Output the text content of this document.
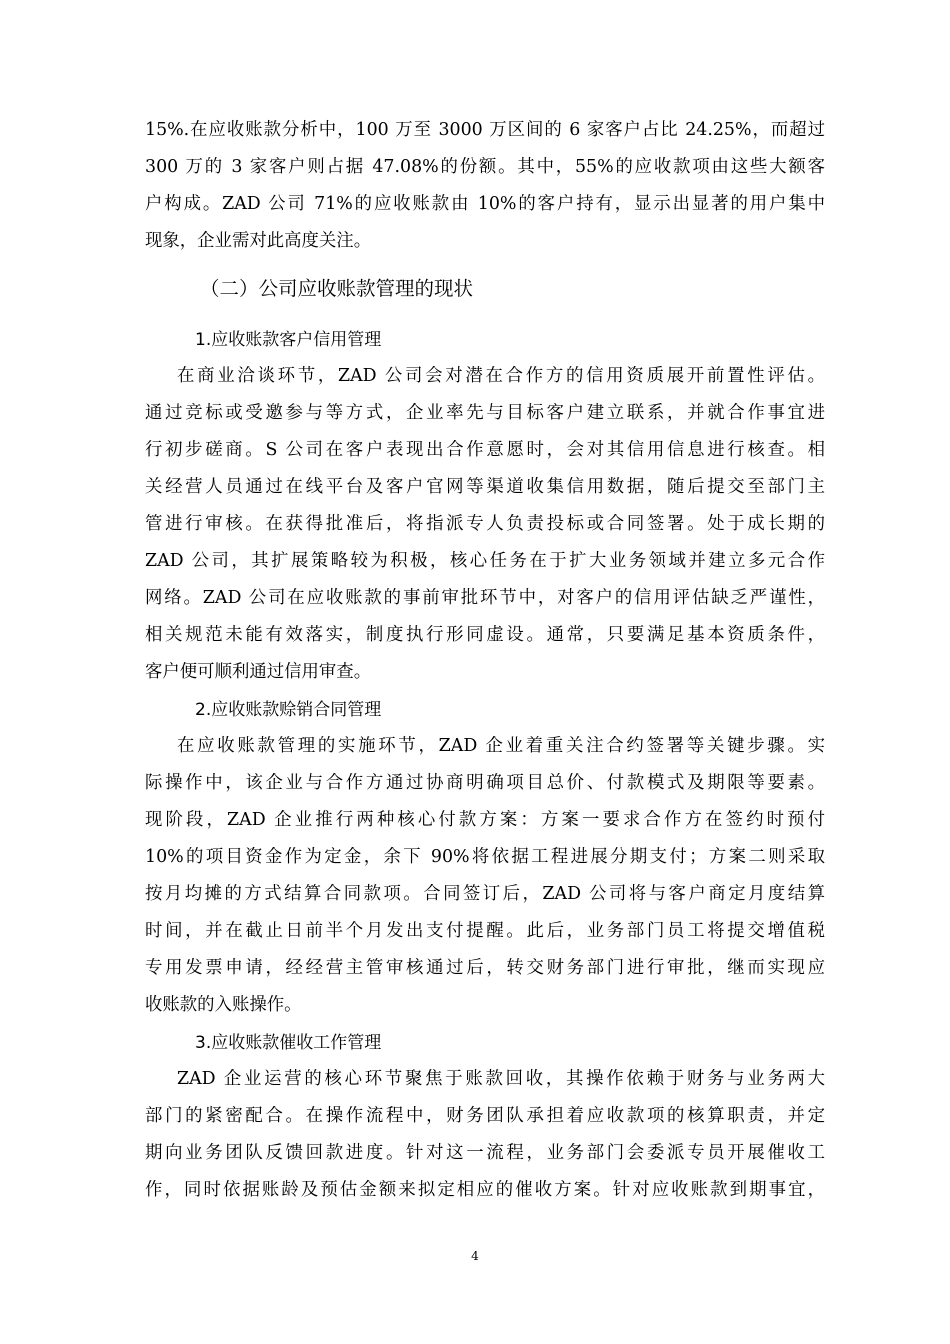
15%.在应收账款分析中，100 万至 3000 万区间的 6 家客户占比 24.25%，而超过
300 万的 3 家客户则占据 47.08%的份额。其中，55%的应收款项由这些大额客
户构成。ZAD 公司 71%的应收账款由 10%的客户持有，显示出显著的用户集中
现象，企业需对此高度关注。
（二）公司应收账款管理的现状
1.应收账款客户信用管理
在商业洽谈环节，ZAD 公司会对潜在合作方的信用资质展开前置性评估。
通过竞标或受邀参与等方式，企业率先与目标客户建立联系，并就合作事宜进
行初步磋商。S 公司在客户表现出合作意愿时，会对其信用信息进行核查。相
关经营人员通过在线平台及客户官网等渠道收集信用数据，随后提交至部门主
管进行审核。在获得批准后，将指派专人负责投标或合同签署。处于成长期的
ZAD 公司，其扩展策略较为积极，核心任务在于扩大业务领域并建立多元合作
网络。ZAD 公司在应收账款的事前审批环节中，对客户的信用评估缺乏严谨性，
相关规范未能有效落实，制度执行形同虚设。通常，只要满足基本资质条件，
客户便可顺利通过信用审查。
2.应收账款赊销合同管理
在应收账款管理的实施环节，ZAD 企业着重关注合约签署等关键步骤。实
际操作中，该企业与合作方通过协商明确项目总价、付款模式及期限等要素。
现阶段，ZAD 企业推行两种核心付款方案：方案一要求合作方在签约时预付
10%的项目资金作为定金，余下 90%将依据工程进展分期支付；方案二则采取
按月均摊的方式结算合同款项。合同签订后，ZAD 公司将与客户商定月度结算
时间，并在截止日前半个月发出支付提醒。此后，业务部门员工将提交增值税
专用发票申请，经经营主管审核通过后，转交财务部门进行审批，继而实现应
收账款的入账操作。
3.应收账款催收工作管理
ZAD 企业运营的核心环节聚焦于账款回收，其操作依赖于财务与业务两大
部门的紧密配合。在操作流程中，财务团队承担着应收款项的核算职责，并定
期向业务团队反馈回款进度。针对这一流程，业务部门会委派专员开展催收工
作，同时依据账龄及预估金额来拟定相应的催收方案。针对应收账款到期事宜，
4
